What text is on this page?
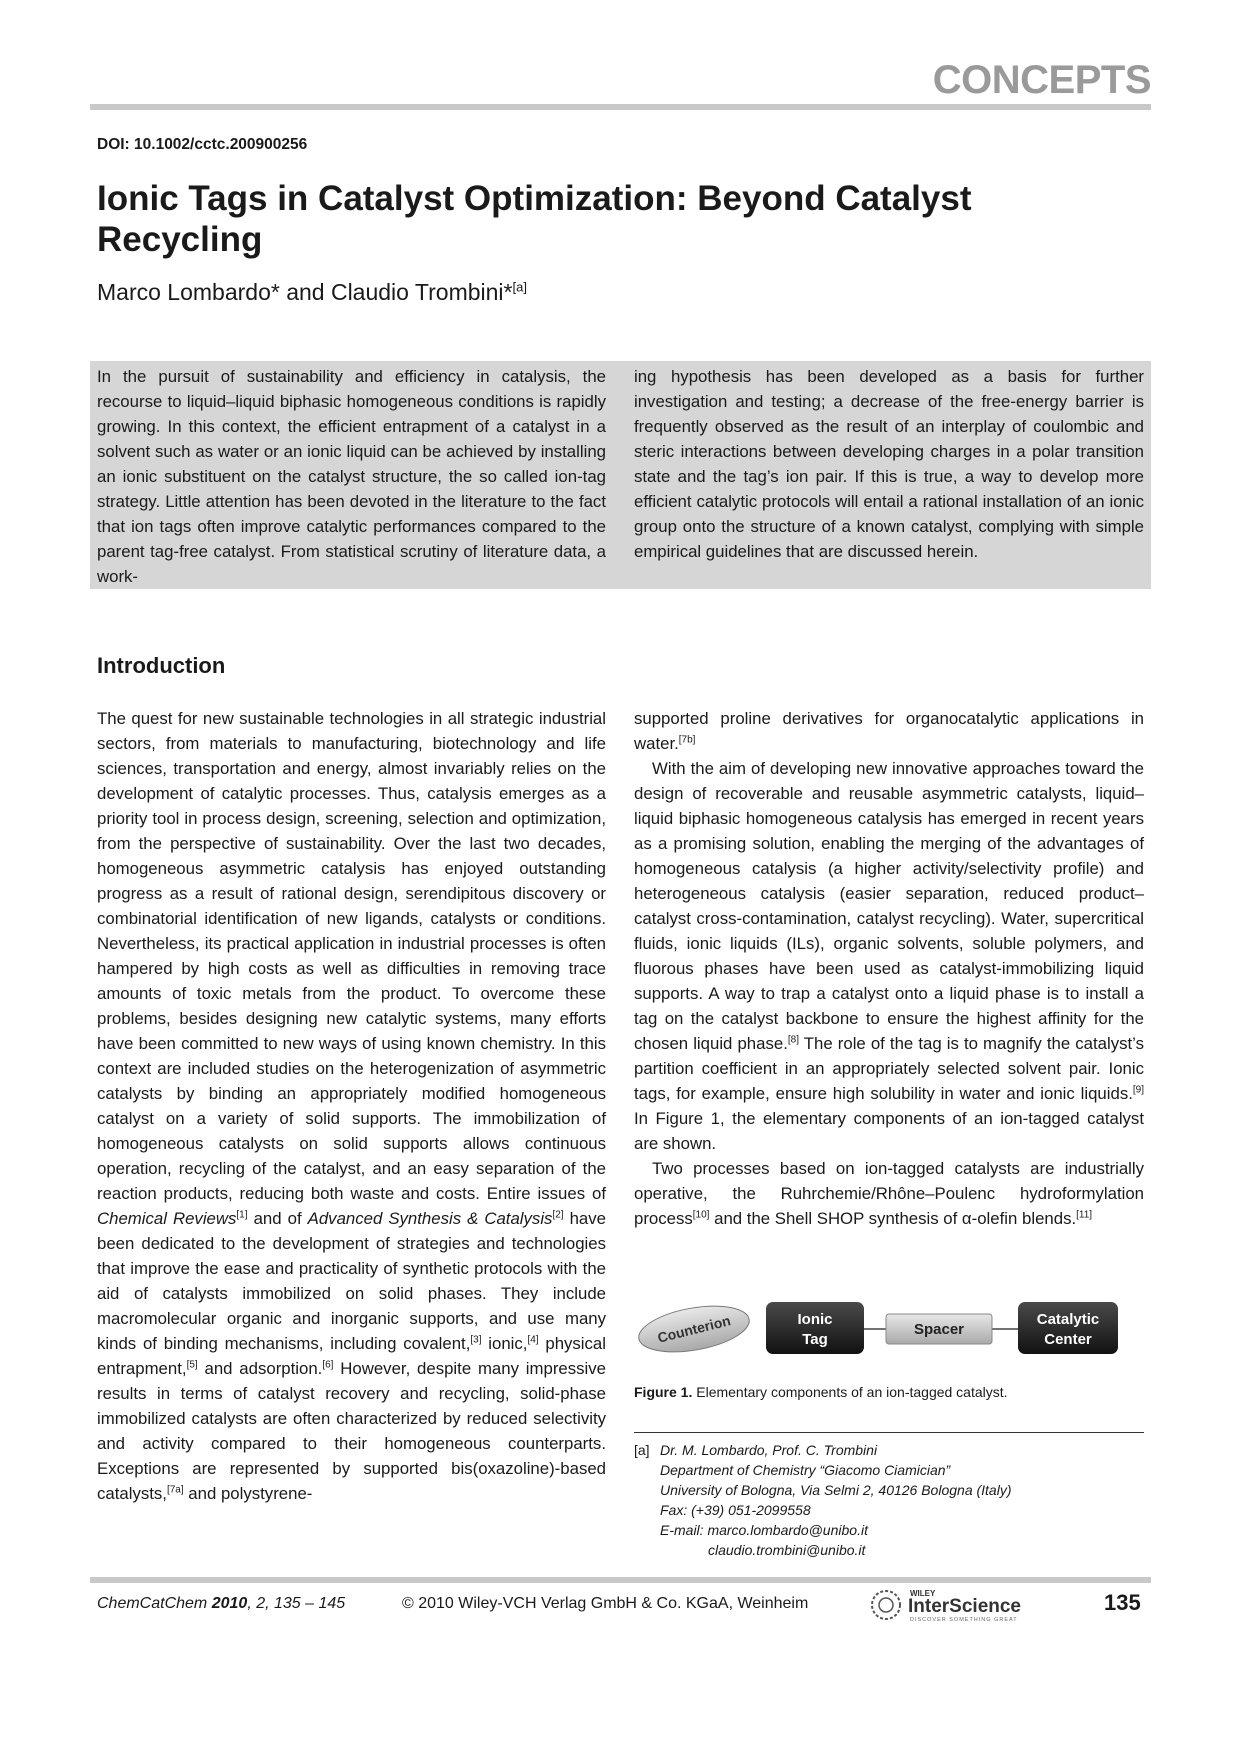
CONCEPTS
DOI: 10.1002/cctc.200900256
Ionic Tags in Catalyst Optimization: Beyond Catalyst Recycling
Marco Lombardo* and Claudio Trombini*[a]

In the pursuit of sustainability and efficiency in catalysis, the recourse to liquid–liquid biphasic homogeneous conditions is rapidly growing. In this context, the efficient entrapment of a catalyst in a solvent such as water or an ionic liquid can be achieved by installing an ionic substituent on the catalyst structure, the so called ion-tag strategy. Little attention has been devoted in the literature to the fact that ion tags often improve catalytic performances compared to the parent tag-free catalyst. From statistical scrutiny of literature data, a work-

ing hypothesis has been developed as a basis for further investigation and testing; a decrease of the free-energy barrier is frequently observed as the result of an interplay of coulombic and steric interactions between developing charges in a polar transition state and the tag’s ion pair. If this is true, a way to develop more efficient catalytic protocols will entail a rational installation of an ionic group onto the structure of a known catalyst, complying with simple empirical guidelines that are discussed herein.

Introduction

The quest for new sustainable technologies in all strategic industrial sectors, from materials to manufacturing, biotechnology and life sciences, transportation and energy, almost invariably relies on the development of catalytic processes. Thus, catalysis emerges as a priority tool in process design, screening, selection and optimization, from the perspective of sustainability. Over the last two decades, homogeneous asymmetric catalysis has enjoyed outstanding progress as a result of rational design, serendipitous discovery or combinatorial identification of new ligands, catalysts or conditions. Nevertheless, its practical application in industrial processes is often hampered by high costs as well as difficulties in removing trace amounts of toxic metals from the product. To overcome these problems, besides designing new catalytic systems, many efforts have been committed to new ways of using known chemistry. In this context are included studies on the heterogenization of asymmetric catalysts by binding an appropriately modified homogeneous catalyst on a variety of solid supports. The immobilization of homogeneous catalysts on solid supports allows continuous operation, recycling of the catalyst, and an easy separation of the reaction products, reducing both waste and costs. Entire issues of Chemical Reviews[1] and of Advanced Synthesis & Catalysis[2] have been dedicated to the development of strategies and technologies that improve the ease and practicality of synthetic protocols with the aid of catalysts immobilized on solid phases. They include macromolecular organic and inorganic supports, and use many kinds of binding mechanisms, including covalent,[3] ionic,[4] physical entrapment,[5] and adsorption.[6] However, despite many impressive results in terms of catalyst recovery and recycling, solid-phase immobilized catalysts are often characterized by reduced selectivity and activity compared to their homogeneous counterparts. Exceptions are represented by supported bis(oxazoline)-based catalysts,[7a] and polystyrene-

supported proline derivatives for organocatalytic applications in water.[7b]

With the aim of developing new innovative approaches toward the design of recoverable and reusable asymmetric catalysts, liquid–liquid biphasic homogeneous catalysis has emerged in recent years as a promising solution, enabling the merging of the advantages of homogeneous catalysis (a higher activity/selectivity profile) and heterogeneous catalysis (easier separation, reduced product–catalyst cross-contamination, catalyst recycling). Water, supercritical fluids, ionic liquids (ILs), organic solvents, soluble polymers, and fluorous phases have been used as catalyst-immobilizing liquid supports. A way to trap a catalyst onto a liquid phase is to install a tag on the catalyst backbone to ensure the highest affinity for the chosen liquid phase.[8] The role of the tag is to magnify the catalyst’s partition coefficient in an appropriately selected solvent pair. Ionic tags, for example, ensure high solubility in water and ionic liquids.[9] In Figure 1, the elementary components of an ion-tagged catalyst are shown.

Two processes based on ion-tagged catalysts are industrially operative, the Ruhrchemie/Rhône–Poulenc hydroformylation process[10] and the Shell SHOP synthesis of α-olefin blends.[11]

Counterion	Ionic
Tag
Spacer
Catalytic
Center
Figure 1. Elementary components of an ion-tagged catalyst.
[a] Dr. M. Lombardo, Prof. C. Trombini
Department of Chemistry “Giacomo Ciamician”
University of Bologna, Via Selmi 2, 40126 Bologna (Italy)
Fax: (+39) 051-2099558
E-mail: marco.lombardo@unibo.it
claudio.trombini@unibo.it
ChemCatChem 2010, 2, 135 – 145	© 2010 Wiley-VCH Verlag GmbH & Co. KGaA, Weinheim
WILEY
InterScience
DISCOVER SOMETHING GREAT
135
